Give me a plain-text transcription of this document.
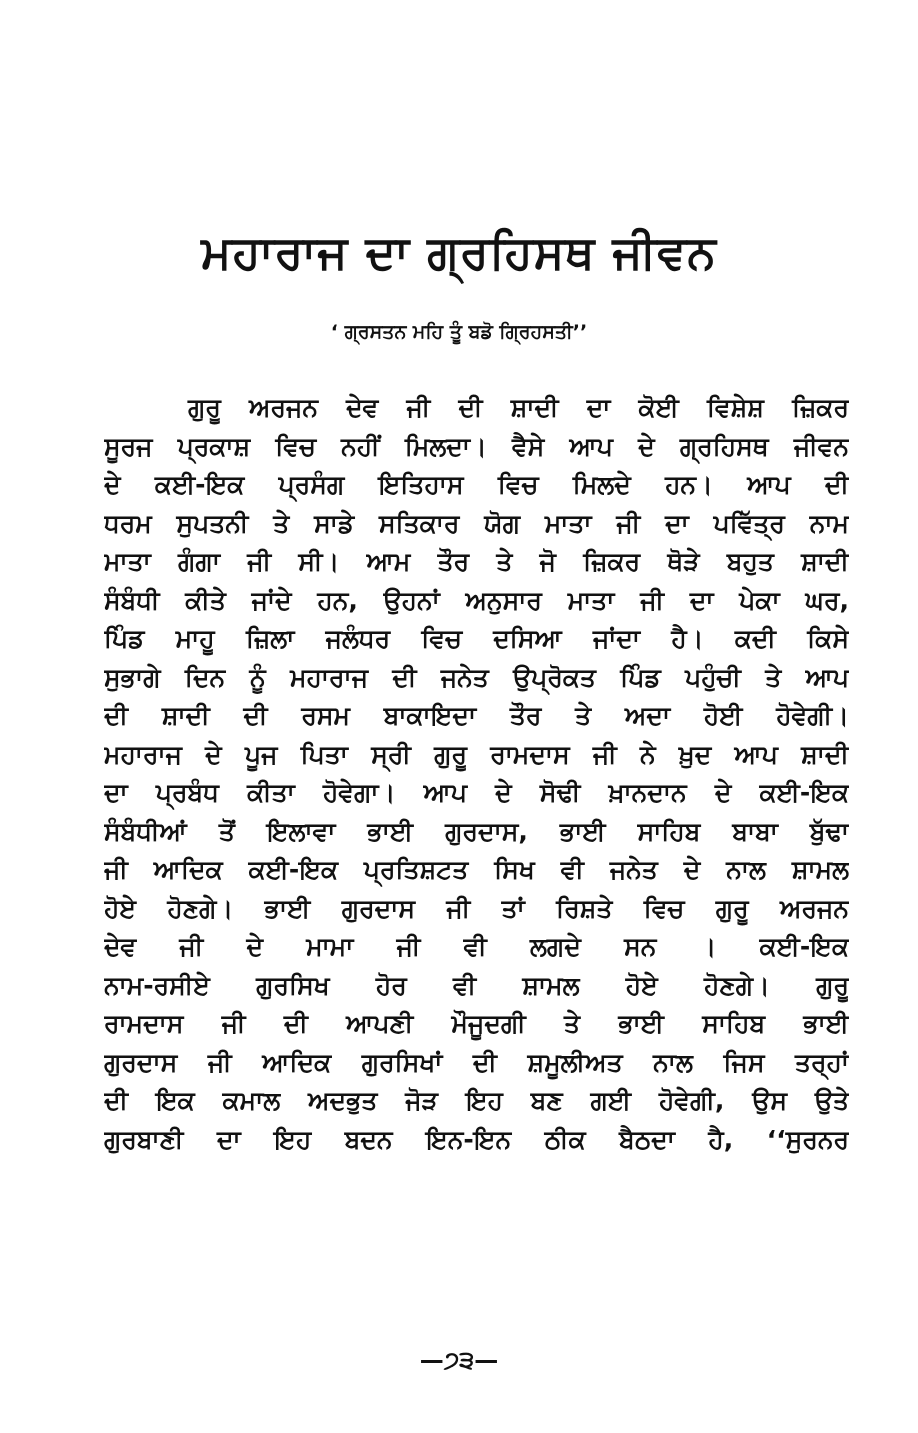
ਮਹਾਰਾਜ ਦਾ ਗ੍ਰਹਿਸਥ ਜੀਵਨ
‘ ਗ੍ਰਸਤਨ ਮਹਿ ਤੂੰ ਬਡੋ ਗ੍ਰਿਹਸਤੀ’’
ਗੁਰੂ ਅਰਜਨ ਦੇਵ ਜੀ ਦੀ ਸ਼ਾਦੀ ਦਾ ਕੋਈ ਵਿਸ਼ੇਸ਼ ਜ਼ਿਕਰ
ਸੂਰਜ ਪ੍ਰਕਾਸ਼ ਵਿਚ ਨਹੀਂ ਮਿਲਦਾ। ਵੈਸੇ ਆਪ ਦੇ ਗ੍ਰਹਿਸਥ ਜੀਵਨ
ਦੇ ਕਈ-ਇਕ ਪ੍ਰਸੰਗ ਇਤਿਹਾਸ ਵਿਚ ਮਿਲਦੇ ਹਨ। ਆਪ ਦੀ
ਧਰਮ ਸੁਪਤਨੀ ਤੇ ਸਾਡੇ ਸਤਿਕਾਰ ਯੋਗ ਮਾਤਾ ਜੀ ਦਾ ਪਵਿੱਤ੍ਰ ਨਾਮ
ਮਾਤਾ ਗੰਗਾ ਜੀ ਸੀ। ਆਮ ਤੌਰ ਤੇ ਜੋ ਜ਼ਿਕਰ ਥੋੜੇ ਬਹੁਤ ਸ਼ਾਦੀ
ਸੰਬੰਧੀ ਕੀਤੇ ਜਾਂਦੇ ਹਨ, ਉਹਨਾਂ ਅਨੁਸਾਰ ਮਾਤਾ ਜੀ ਦਾ ਪੇਕਾ ਘਰ,
ਪਿੰਡ ਮਾਹੂ ਜ਼ਿਲਾ ਜਲੰਧਰ ਵਿਚ ਦਸਿਆ ਜਾਂਦਾ ਹੈ। ਕਦੀ ਕਿਸੇ
ਸੁਭਾਗੇ ਦਿਨ ਨੂੰ ਮਹਾਰਾਜ ਦੀ ਜਨੇਤ ਉਪ੍ਰੋਕਤ ਪਿੰਡ ਪਹੁੰਚੀ ਤੇ ਆਪ
ਦੀ ਸ਼ਾਦੀ ਦੀ ਰਸਮ ਬਾਕਾਇਦਾ ਤੌਰ ਤੇ ਅਦਾ ਹੋਈ ਹੋਵੇਗੀ।
ਮਹਾਰਾਜ ਦੇ ਪੂਜ ਪਿਤਾ ਸ੍ਰੀ ਗੁਰੂ ਰਾਮਦਾਸ ਜੀ ਨੇ ਖ਼ੁਦ ਆਪ ਸ਼ਾਦੀ
ਦਾ ਪ੍ਰਬੰਧ ਕੀਤਾ ਹੋਵੇਗਾ। ਆਪ ਦੇ ਸੋਢੀ ਖ਼ਾਨਦਾਨ ਦੇ ਕਈ-ਇਕ
ਸੰਬੰਧੀਆਂ ਤੋਂ ਇਲਾਵਾ ਭਾਈ ਗੁਰਦਾਸ, ਭਾਈ ਸਾਹਿਬ ਬਾਬਾ ਬੁੱਢਾ
ਜੀ ਆਦਿਕ ਕਈ-ਇਕ ਪ੍ਰਤਿਸ਼ਟਤ ਸਿਖ ਵੀ ਜਨੇਤ ਦੇ ਨਾਲ ਸ਼ਾਮਲ
ਹੋਏ ਹੋਣਗੇ। ਭਾਈ ਗੁਰਦਾਸ ਜੀ ਤਾਂ ਰਿਸ਼ਤੇ ਵਿਚ ਗੁਰੂ ਅਰਜਨ
ਦੇਵ ਜੀ ਦੇ ਮਾਮਾ ਜੀ ਵੀ ਲਗਦੇ ਸਨ । ਕਈ-ਇਕ
ਨਾਮ-ਰਸੀਏ ਗੁਰਸਿਖ ਹੋਰ ਵੀ ਸ਼ਾਮਲ ਹੋਏ ਹੋਣਗੇ। ਗੁਰੂ
ਰਾਮਦਾਸ ਜੀ ਦੀ ਆਪਣੀ ਮੌਜੂਦਗੀ ਤੇ ਭਾਈ ਸਾਹਿਬ ਭਾਈ
ਗੁਰਦਾਸ ਜੀ ਆਦਿਕ ਗੁਰਸਿਖਾਂ ਦੀ ਸ਼ਮੂਲੀਅਤ ਨਾਲ ਜਿਸ ਤਰ੍ਹਾਂ
ਦੀ ਇਕ ਕਮਾਲ ਅਦਭੁਤ ਜੋੜ ਇਹ ਬਣ ਗਈ ਹੋਵੇਗੀ, ਉਸ ਉਤੇ
ਗੁਰਬਾਣੀ ਦਾ ਇਹ ਬਦਨ ਇਨ-ਇਨ ਠੀਕ ਬੈਠਦਾ ਹੈ, ‘‘ਸੁਰਨਰ
—੭੩—
